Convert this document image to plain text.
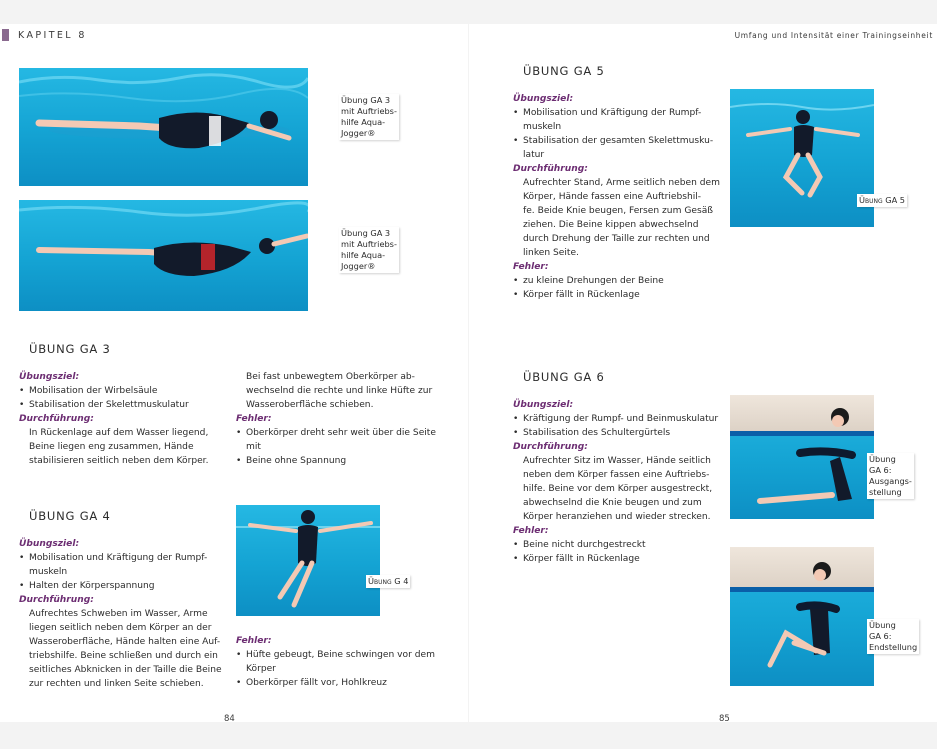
KAPITEL 8	Umfang und Intensität einer Trainingseinheit
Übung GA 3
mit Auftriebs-
hilfe Aqua-
Jogger®
Übung GA 3
mit Auftriebs-
hilfe Aqua-
Jogger®
ÜBUNG GA 3
Übungsziel:
• Mobilisation der Wirbelsäule
• Stabilisation der Skelettmuskulatur
Durchführung:
In Rückenlage auf dem Wasser liegend,
Beine liegen eng zusammen, Hände
stabilisieren seitlich neben dem Körper.
Bei fast unbewegtem Oberkörper ab-
wechselnd die rechte und linke Hüfte zur
Wasseroberfläche schieben.
Fehler:
• Oberkörper dreht sehr weit über die Seite
mit
• Beine ohne Spannung
ÜBUNG GA 4
Übungsziel:
• Mobilisation und Kräftigung der Rumpf-
muskeln
• Halten der Körperspannung
Durchführung:
Aufrechtes Schweben im Wasser, Arme
liegen seitlich neben dem Körper an der
Wasseroberfläche, Hände halten eine Auf-
triebshilfe. Beine schließen und durch ein
seitliches Abknicken in der Taille die Beine
zur rechten und linken Seite schieben.
Übung G 4
Fehler:
• Hüfte gebeugt, Beine schwingen vor dem
Körper
• Oberkörper fällt vor, Hohlkreuz
84
ÜBUNG GA 5
Übungsziel:
• Mobilisation und Kräftigung der Rumpf-
muskeln
• Stabilisation der gesamten Skelettmusku-
latur
Durchführung:
Aufrechter Stand, Arme seitlich neben dem
Körper, Hände fassen eine Auftriebshil-
fe. Beide Knie beugen, Fersen zum Gesäß
ziehen. Die Beine kippen abwechselnd
durch Drehung der Taille zur rechten und
linken Seite.
Fehler:
• zu kleine Drehungen der Beine
• Körper fällt in Rückenlage
Übung GA 5
ÜBUNG GA 6
Übungsziel:
• Kräftigung der Rumpf- und Beinmuskulatur
• Stabilisation des Schultergürtels
Durchführung:
Aufrechter Sitz im Wasser, Hände seitlich
neben dem Körper fassen eine Auftriebs-
hilfe. Beine vor dem Körper ausgestreckt,
abwechselnd die Knie beugen und zum
Körper heranziehen und wieder strecken.
Fehler:
• Beine nicht durchgestreckt
• Körper fällt in Rückenlage
Übung
GA 6:
Ausgangs-
stellung
Übung
GA 6:
Endstellung
85
